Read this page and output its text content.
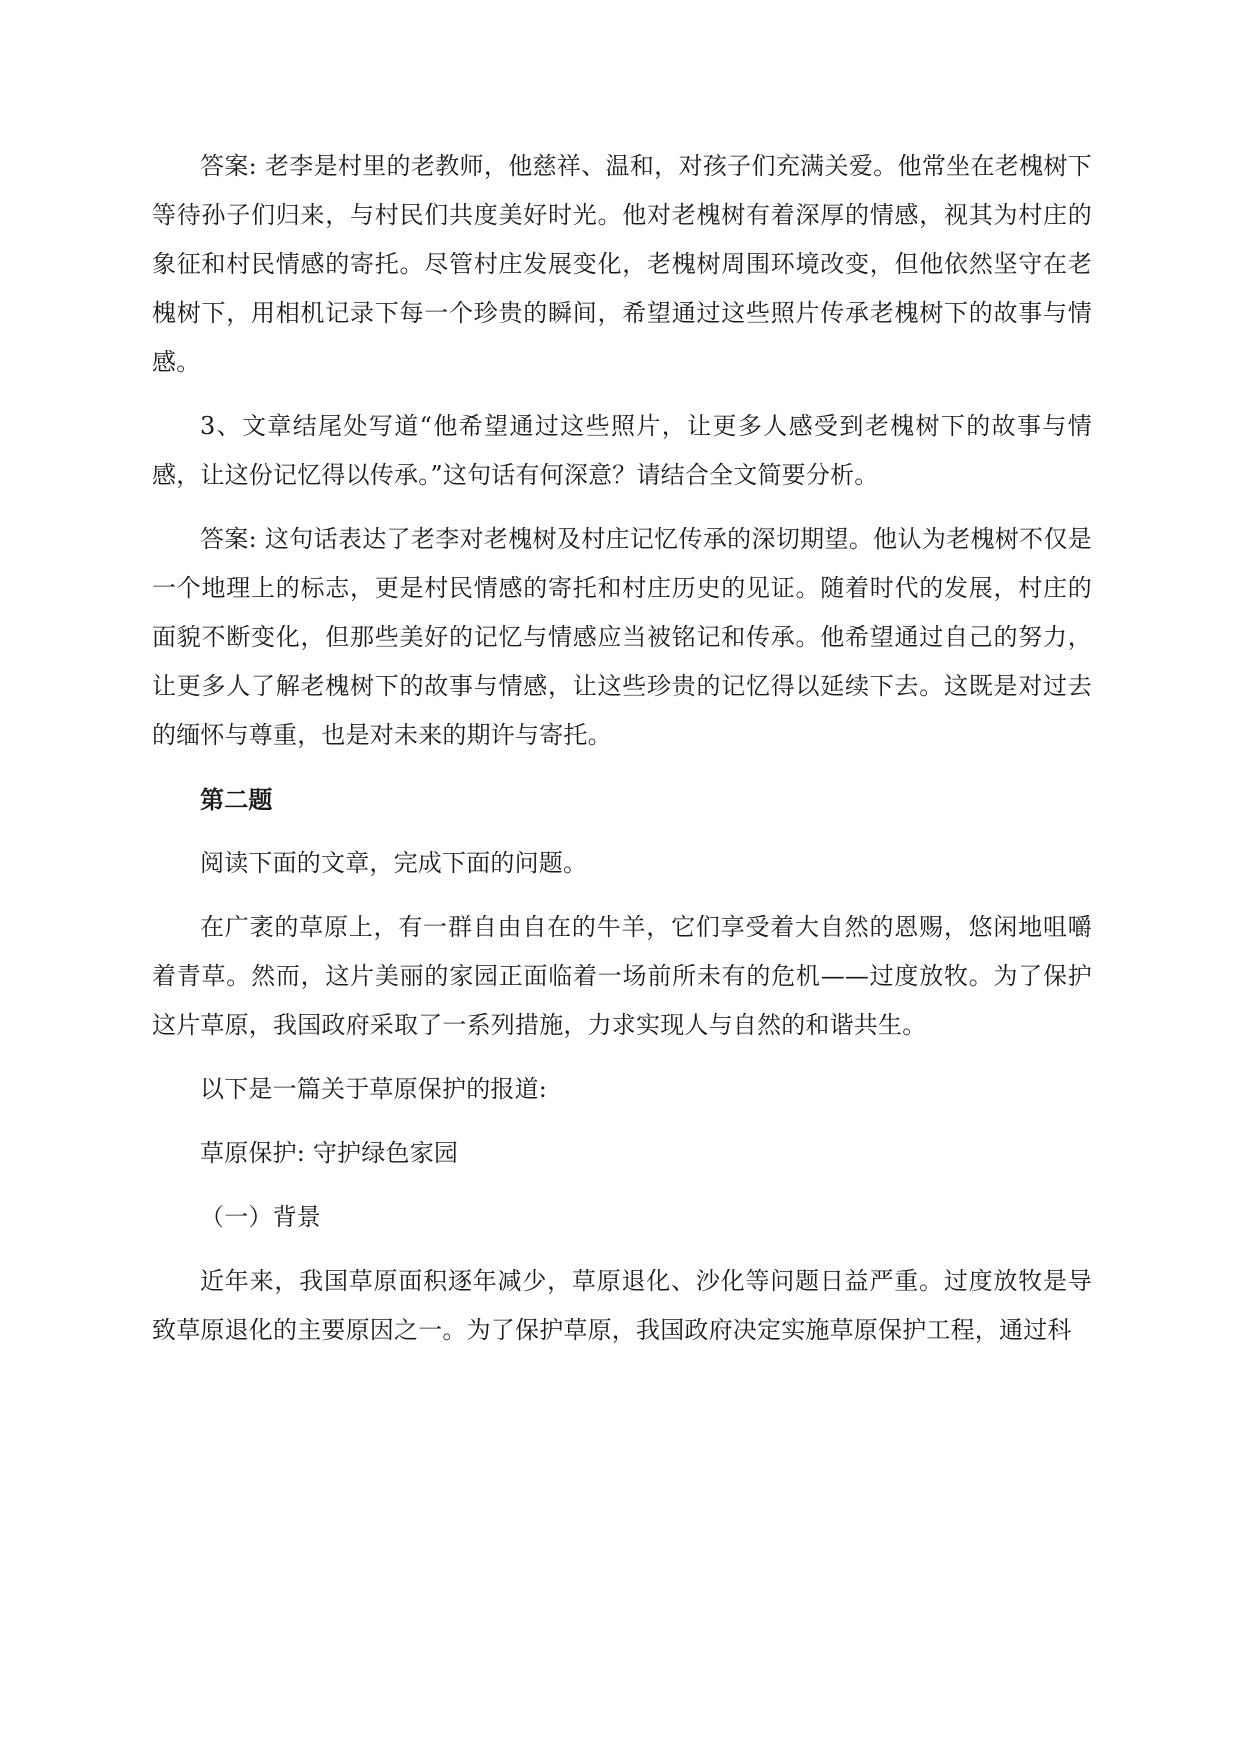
答案: 老李是村里的老教师，他慈祥、温和，对孩子们充满关爱。他常坐在老槐树下等待孙子们归来，与村民们共度美好时光。他对老槐树有着深厚的情感，视其为村庄的象征和村民情感的寄托。尽管村庄发展变化，老槐树周围环境改变，但他依然坚守在老槐树下，用相机记录下每一个珍贵的瞬间，希望通过这些照片传承老槐树下的故事与情感。

3、文章结尾处写道“他希望通过这些照片，让更多人感受到老槐树下的故事与情感，让这份记忆得以传承。”这句话有何深意？请结合全文简要分析。

答案: 这句话表达了老李对老槐树及村庄记忆传承的深切期望。他认为老槐树不仅是一个地理上的标志，更是村民情感的寄托和村庄历史的见证。随着时代的发展，村庄的面貌不断变化，但那些美好的记忆与情感应当被铭记和传承。他希望通过自己的努力，让更多人了解老槐树下的故事与情感，让这些珍贵的记忆得以延续下去。这既是对过去的缅怀与尊重，也是对未来的期许与寄托。

第二题

阅读下面的文章，完成下面的问题。

在广袤的草原上，有一群自由自在的牛羊，它们享受着大自然的恩赐，悠闲地咀嚼着青草。然而，这片美丽的家园正面临着一场前所未有的危机——过度放牧。为了保护这片草原，我国政府采取了一系列措施，力求实现人与自然的和谐共生。

以下是一篇关于草原保护的报道:

草原保护: 守护绿色家园

（一）背景

近年来，我国草原面积逐年减少，草原退化、沙化等问题日益严重。过度放牧是导致草原退化的主要原因之一。为了保护草原，我国政府决定实施草原保护工程，通过科
